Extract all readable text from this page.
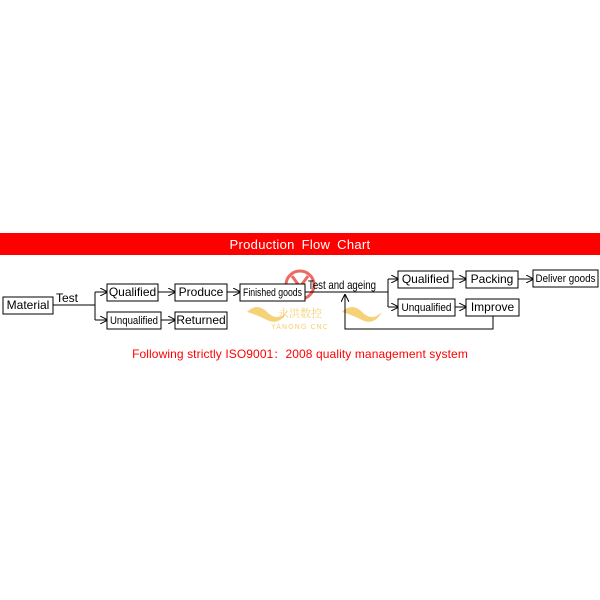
Production Flow Chart
永洪数控
YANONG CNC
Test
Test and ageing
Material
Qualified
Unqualified
Produce
Returned
Finished goods
Qualified
Unqualified
Packing
Improve
Deliver goods
Following strictly ISO9001：2008 quality management system
